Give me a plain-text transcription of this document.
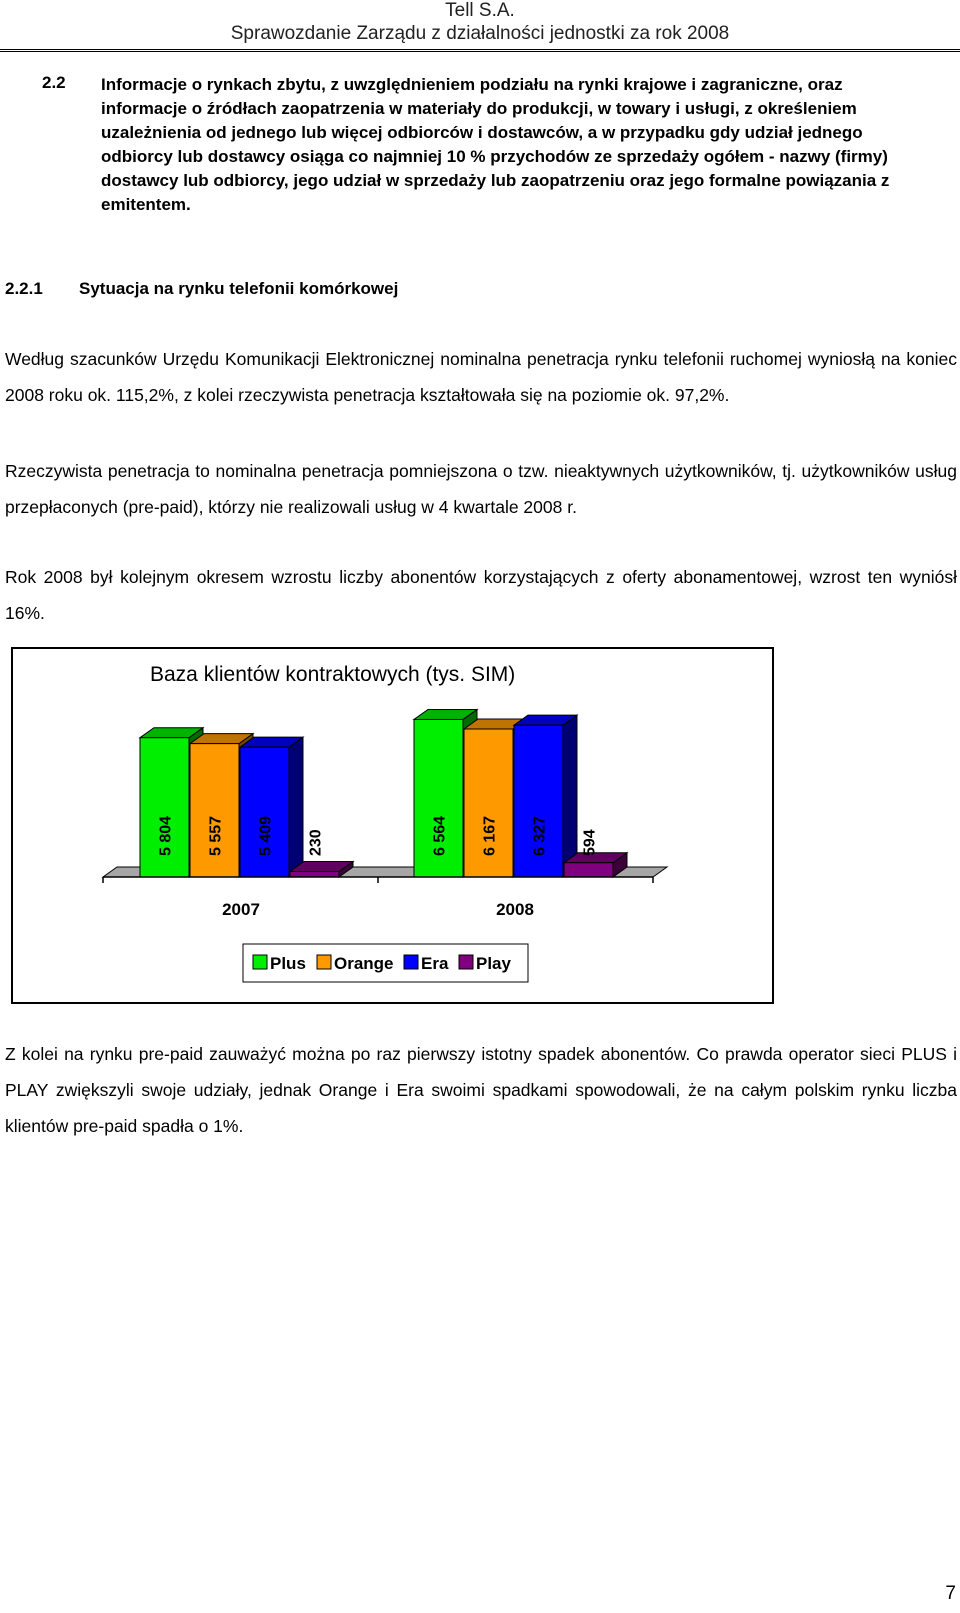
Tell S.A.
Sprawozdanie Zarządu z działalności jednostki za rok 2008
2.2 Informacje o rynkach zbytu, z uwzględnieniem podziału na rynki krajowe i zagraniczne, oraz informacje o źródłach zaopatrzenia w materiały do produkcji, w towary i usługi, z określeniem uzależnienia od jednego lub więcej odbiorców i dostawców, a w przypadku gdy udział jednego odbiorcy lub dostawcy osiąga co najmniej 10 % przychodów ze sprzedaży ogółem - nazwy (firmy) dostawcy lub odbiorcy, jego udział w sprzedaży lub zaopatrzeniu oraz jego formalne powiązania z emitentem.
2.2.1 Sytuacja na rynku telefonii komórkowej
Według szacunków Urzędu Komunikacji Elektronicznej nominalna penetracja rynku telefonii ruchomej wyniosłą na koniec 2008 roku ok. 115,2%, z kolei rzeczywista penetracja kształtowała się na poziomie ok. 97,2%.
Rzeczywista penetracja to nominalna penetracja pomniejszona o tzw. nieaktywnych użytkowników, tj. użytkowników usług przepłaconych (pre-paid), którzy nie realizowali usług w 4 kwartale 2008 r.
Rok 2008 był kolejnym okresem wzrostu liczby abonentów korzystających z oferty abonamentowej, wzrost ten wyniósł 16%.
Baza klientów kontraktowych (tys. SIM)
5 804	6 564
5 557	6 167
5 409	6 327
230	594
2007	2008
Plus Orange Era Play
Z kolei na rynku pre-paid zauważyć można po raz pierwszy istotny spadek abonentów. Co prawda operator sieci PLUS i PLAY zwiększyli swoje udziały, jednak Orange i Era swoimi spadkami spowodowali, że na całym polskim rynku liczba klientów pre-paid spadła o 1%.
7
